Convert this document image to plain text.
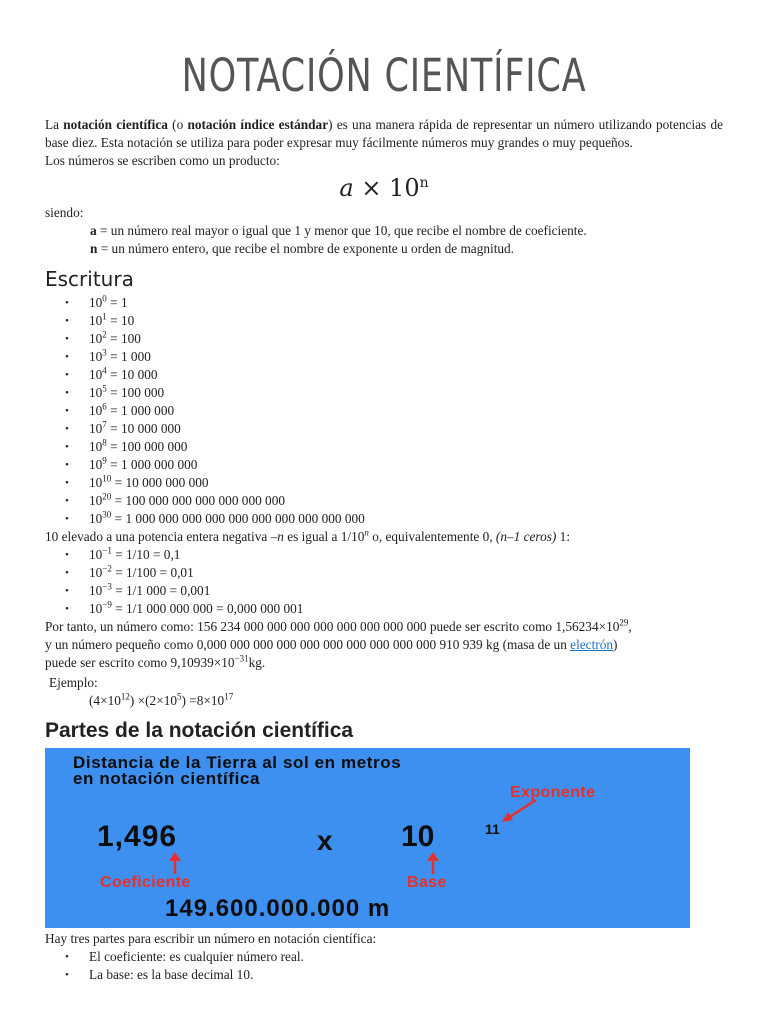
NOTACIÓN CIENTÍFICA

La notación científica (o notación índice estándar) es una manera rápida de representar un número utilizando potencias de base diez. Esta notación se utiliza para poder expresar muy fácilmente números muy grandes o muy pequeños.

Los números se escriben como un producto:

$a \times 10^n$

siendo:

a = un número real mayor o igual que 1 y menor que 10, que recibe el nombre de coeficiente.

n = un número entero, que recibe el nombre de exponente u orden de magnitud.

Escritura
• $10^0 = 1$
• $10^1 = 10$
• $10^2 = 100$
• $10^3 = 1$ 000
• $10^4 = 10$ 000
• $10^5 = 100$ 000
• $10^6 = 1$ 000 000
• $10^7 = 10$ 000 000
• $10^8 = 100$ 000 000
• $10^9 = 1$ 000 000 000
• $10^{10} = 10$ 000 000 000
• $10^{20} = 100$ 000 000 000 000 000 000
• $10^{30} = 1$ 000 000 000 000 000 000 000 000 000 000

10 elevado a una potencia entera negativa –n es igual a 1/10$^n$ o, equivalentemente 0, (n–1 ceros) 1:

• $10^{-1} = 1/10 = 0,1$
• $10^{-2} = 1/100 = 0,01$
• $10^{-3} = 1/1$ 000 = 0,001
• $10^{-9} = 1/1$ 000 000 000 = 0,000 000 001

Por tanto, un número como: 156 234 000 000 000 000 000 000 000 000 puede ser escrito como $1,56234\times 10^{29}$,

y un número pequeño como 0,000 000 000 000 000 000 000 000 000 000 910 939 kg (masa de un electrón)
puede ser escrito como $9,10939\times 10^{-31}kg$.

Ejemplo:

$(4\times 10^{12}) \times(2\times 10^5) =8\times 10^{17}$

Partes de la notación científica
Distancia de la Tierra al sol en metros
en notación científica
Exponente
1,496	x 10	11
Coeficiente	Base
149.600.000.000 m

Hay tres partes para escribir un número en notación científica:

• El coeficiente: es cualquier número real.
• La base: es la base decimal 10.
